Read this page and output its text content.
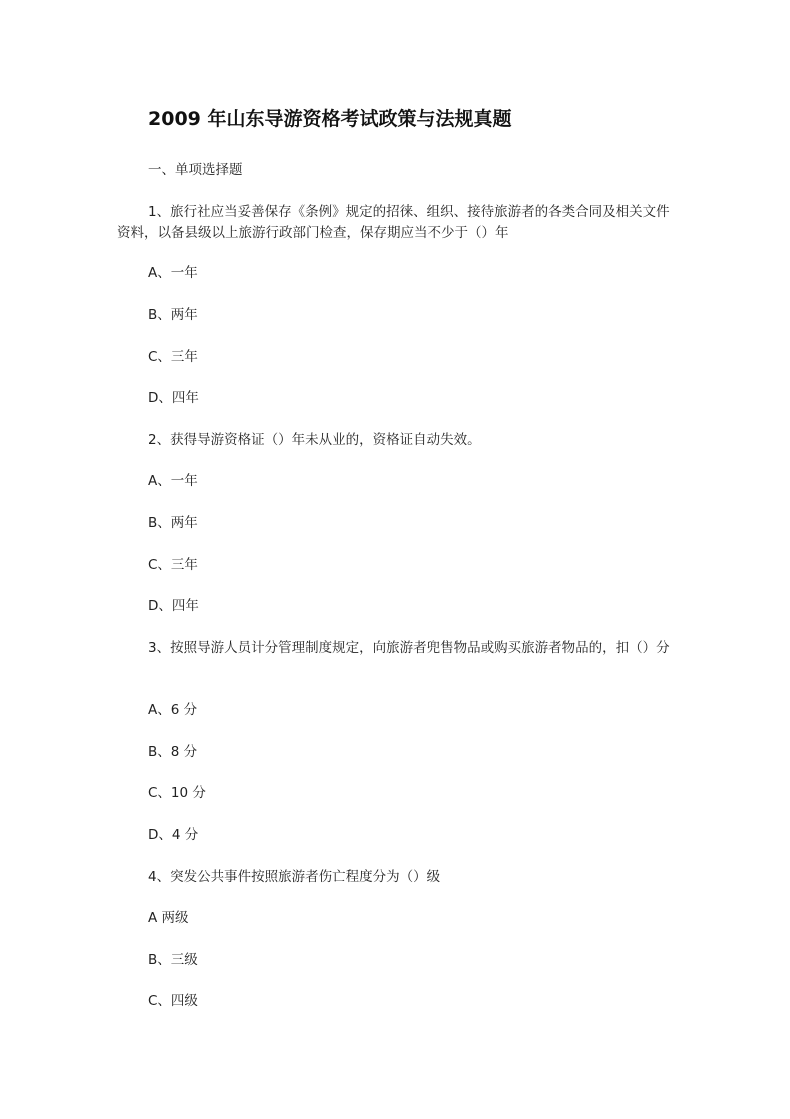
2009 年山东导游资格考试政策与法规真题
一、单项选择题
1、旅行社应当妥善保存《条例》规定的招徕、组织、接待旅游者的各类合同及相关文件资料，以备县级以上旅游行政部门检查，保存期应当不少于（）年
A、一年
B、两年
C、三年
D、四年
2、获得导游资格证（）年未从业的，资格证自动失效。
A、一年
B、两年
C、三年
D、四年
3、按照导游人员计分管理制度规定，向旅游者兜售物品或购买旅游者物品的，扣（）分
A、6 分
B、8 分
C、10 分
D、4 分
4、突发公共事件按照旅游者伤亡程度分为（）级
A 两级
B、三级
C、四级
